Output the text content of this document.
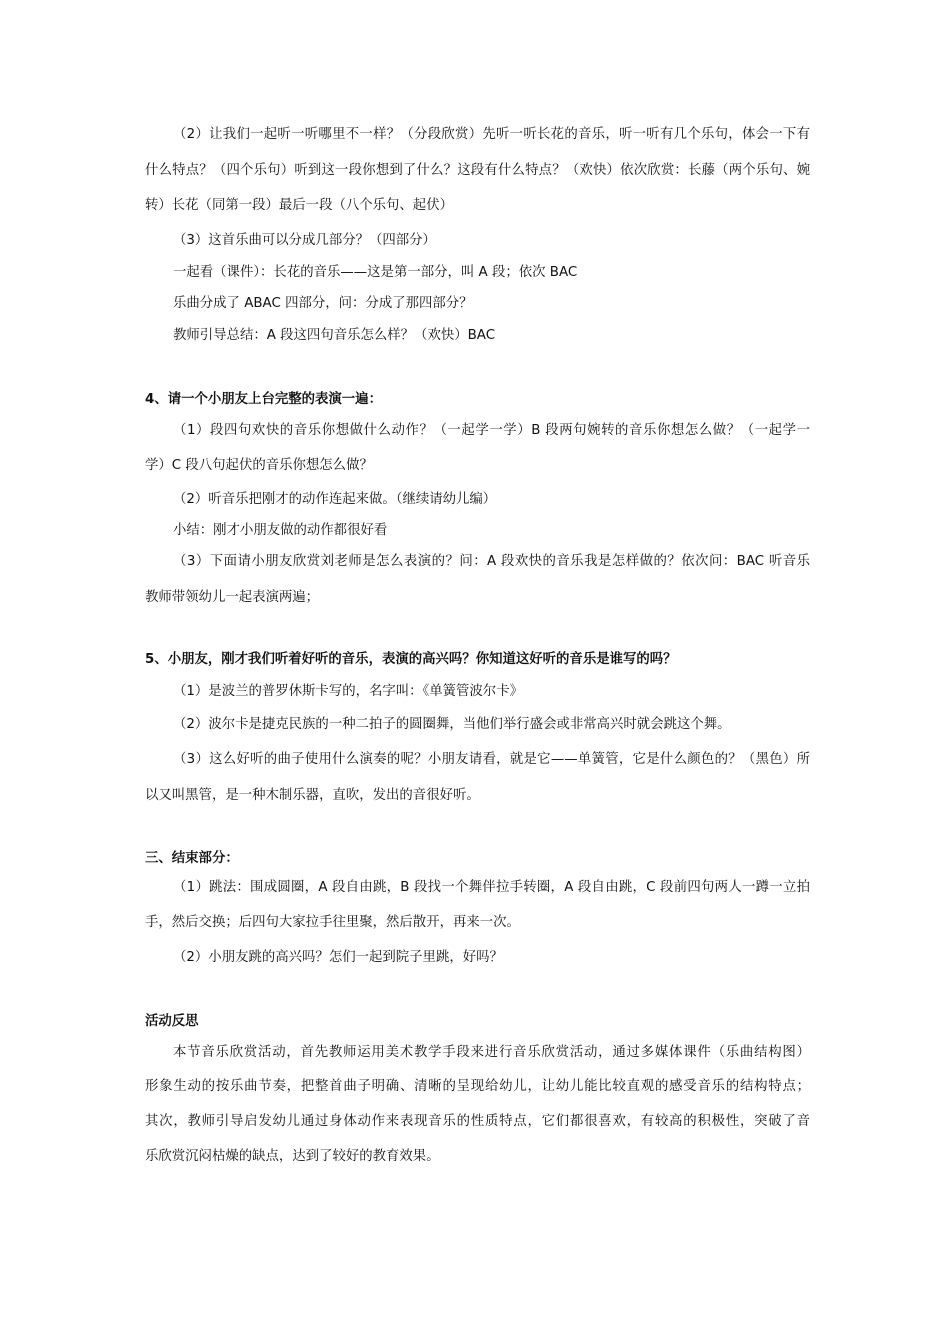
（2）让我们一起听一听哪里不一样？（分段欣赏）先听一听长花的音乐，听一听有几个乐句，体会一下有
什么特点？（四个乐句）听到这一段你想到了什么？这段有什么特点？（欢快）依次欣赏：长藤（两个乐句、婉
转）长花（同第一段）最后一段（八个乐句、起伏）
（3）这首乐曲可以分成几部分？（四部分）
一起看（课件）：长花的音乐——这是第一部分，叫 A 段；依次 BAC
乐曲分成了 ABAC 四部分，问：分成了那四部分？
教师引导总结：A 段这四句音乐怎么样？（欢快）BAC
4、请一个小朋友上台完整的表演一遍：
（1）段四句欢快的音乐你想做什么动作？（一起学一学）B 段两句婉转的音乐你想怎么做？（一起学一
学）C 段八句起伏的音乐你想怎么做？
（2）听音乐把刚才的动作连起来做。（继续请幼儿编）
小结：刚才小朋友做的动作都很好看
（3）下面请小朋友欣赏刘老师是怎么表演的？问：A 段欢快的音乐我是怎样做的？依次问：BAC 听音乐
教师带领幼儿一起表演两遍；
5、小朋友，刚才我们听着好听的音乐，表演的高兴吗？你知道这好听的音乐是谁写的吗？
（1）是波兰的普罗休斯卡写的，名字叫：《单簧管波尔卡》
（2）波尔卡是捷克民族的一种二拍子的圆圈舞，当他们举行盛会或非常高兴时就会跳这个舞。
（3）这么好听的曲子使用什么演奏的呢？小朋友请看，就是它——单簧管，它是什么颜色的？（黑色）所
以又叫黑管，是一种木制乐器，直吹，发出的音很好听。
三、结束部分：
（1）跳法：围成圆圈，A 段自由跳，B 段找一个舞伴拉手转圈，A 段自由跳，C 段前四句两人一蹲一立拍
手，然后交换；后四句大家拉手往里聚，然后散开，再来一次。
（2）小朋友跳的高兴吗？怎们一起到院子里跳，好吗？
活动反思
本节音乐欣赏活动，首先教师运用美术教学手段来进行音乐欣赏活动，通过多媒体课件（乐曲结构图）
形象生动的按乐曲节奏，把整首曲子明确、清晰的呈现给幼儿，让幼儿能比较直观的感受音乐的结构特点；
其次，教师引导启发幼儿通过身体动作来表现音乐的性质特点，它们都很喜欢，有较高的积极性，突破了音
乐欣赏沉闷枯燥的缺点，达到了较好的教育效果。
